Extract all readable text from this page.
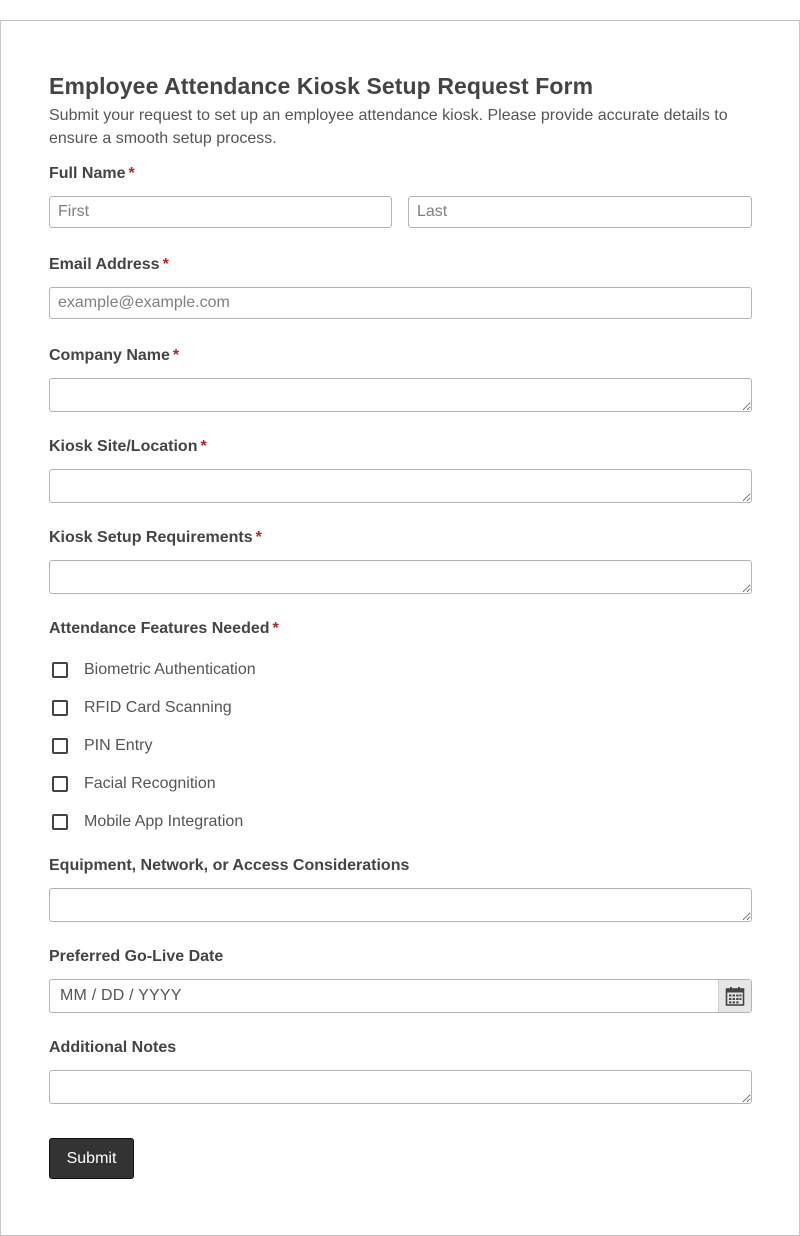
Employee Attendance Kiosk Setup Request Form

Submit your request to set up an employee attendance kiosk. Please provide accurate details to ensure a smooth setup process.

Full Name *
First
Last
Email Address *
example@example.com
Company Name *
Kiosk Site/Location *
Kiosk Setup Requirements *
Attendance Features Needed *
Biometric Authentication
RFID Card Scanning
PIN Entry
Facial Recognition
Mobile App Integration
Equipment, Network, or Access Considerations
Preferred Go-Live Date
MM / DD / YYYY
Additional Notes
Submit
